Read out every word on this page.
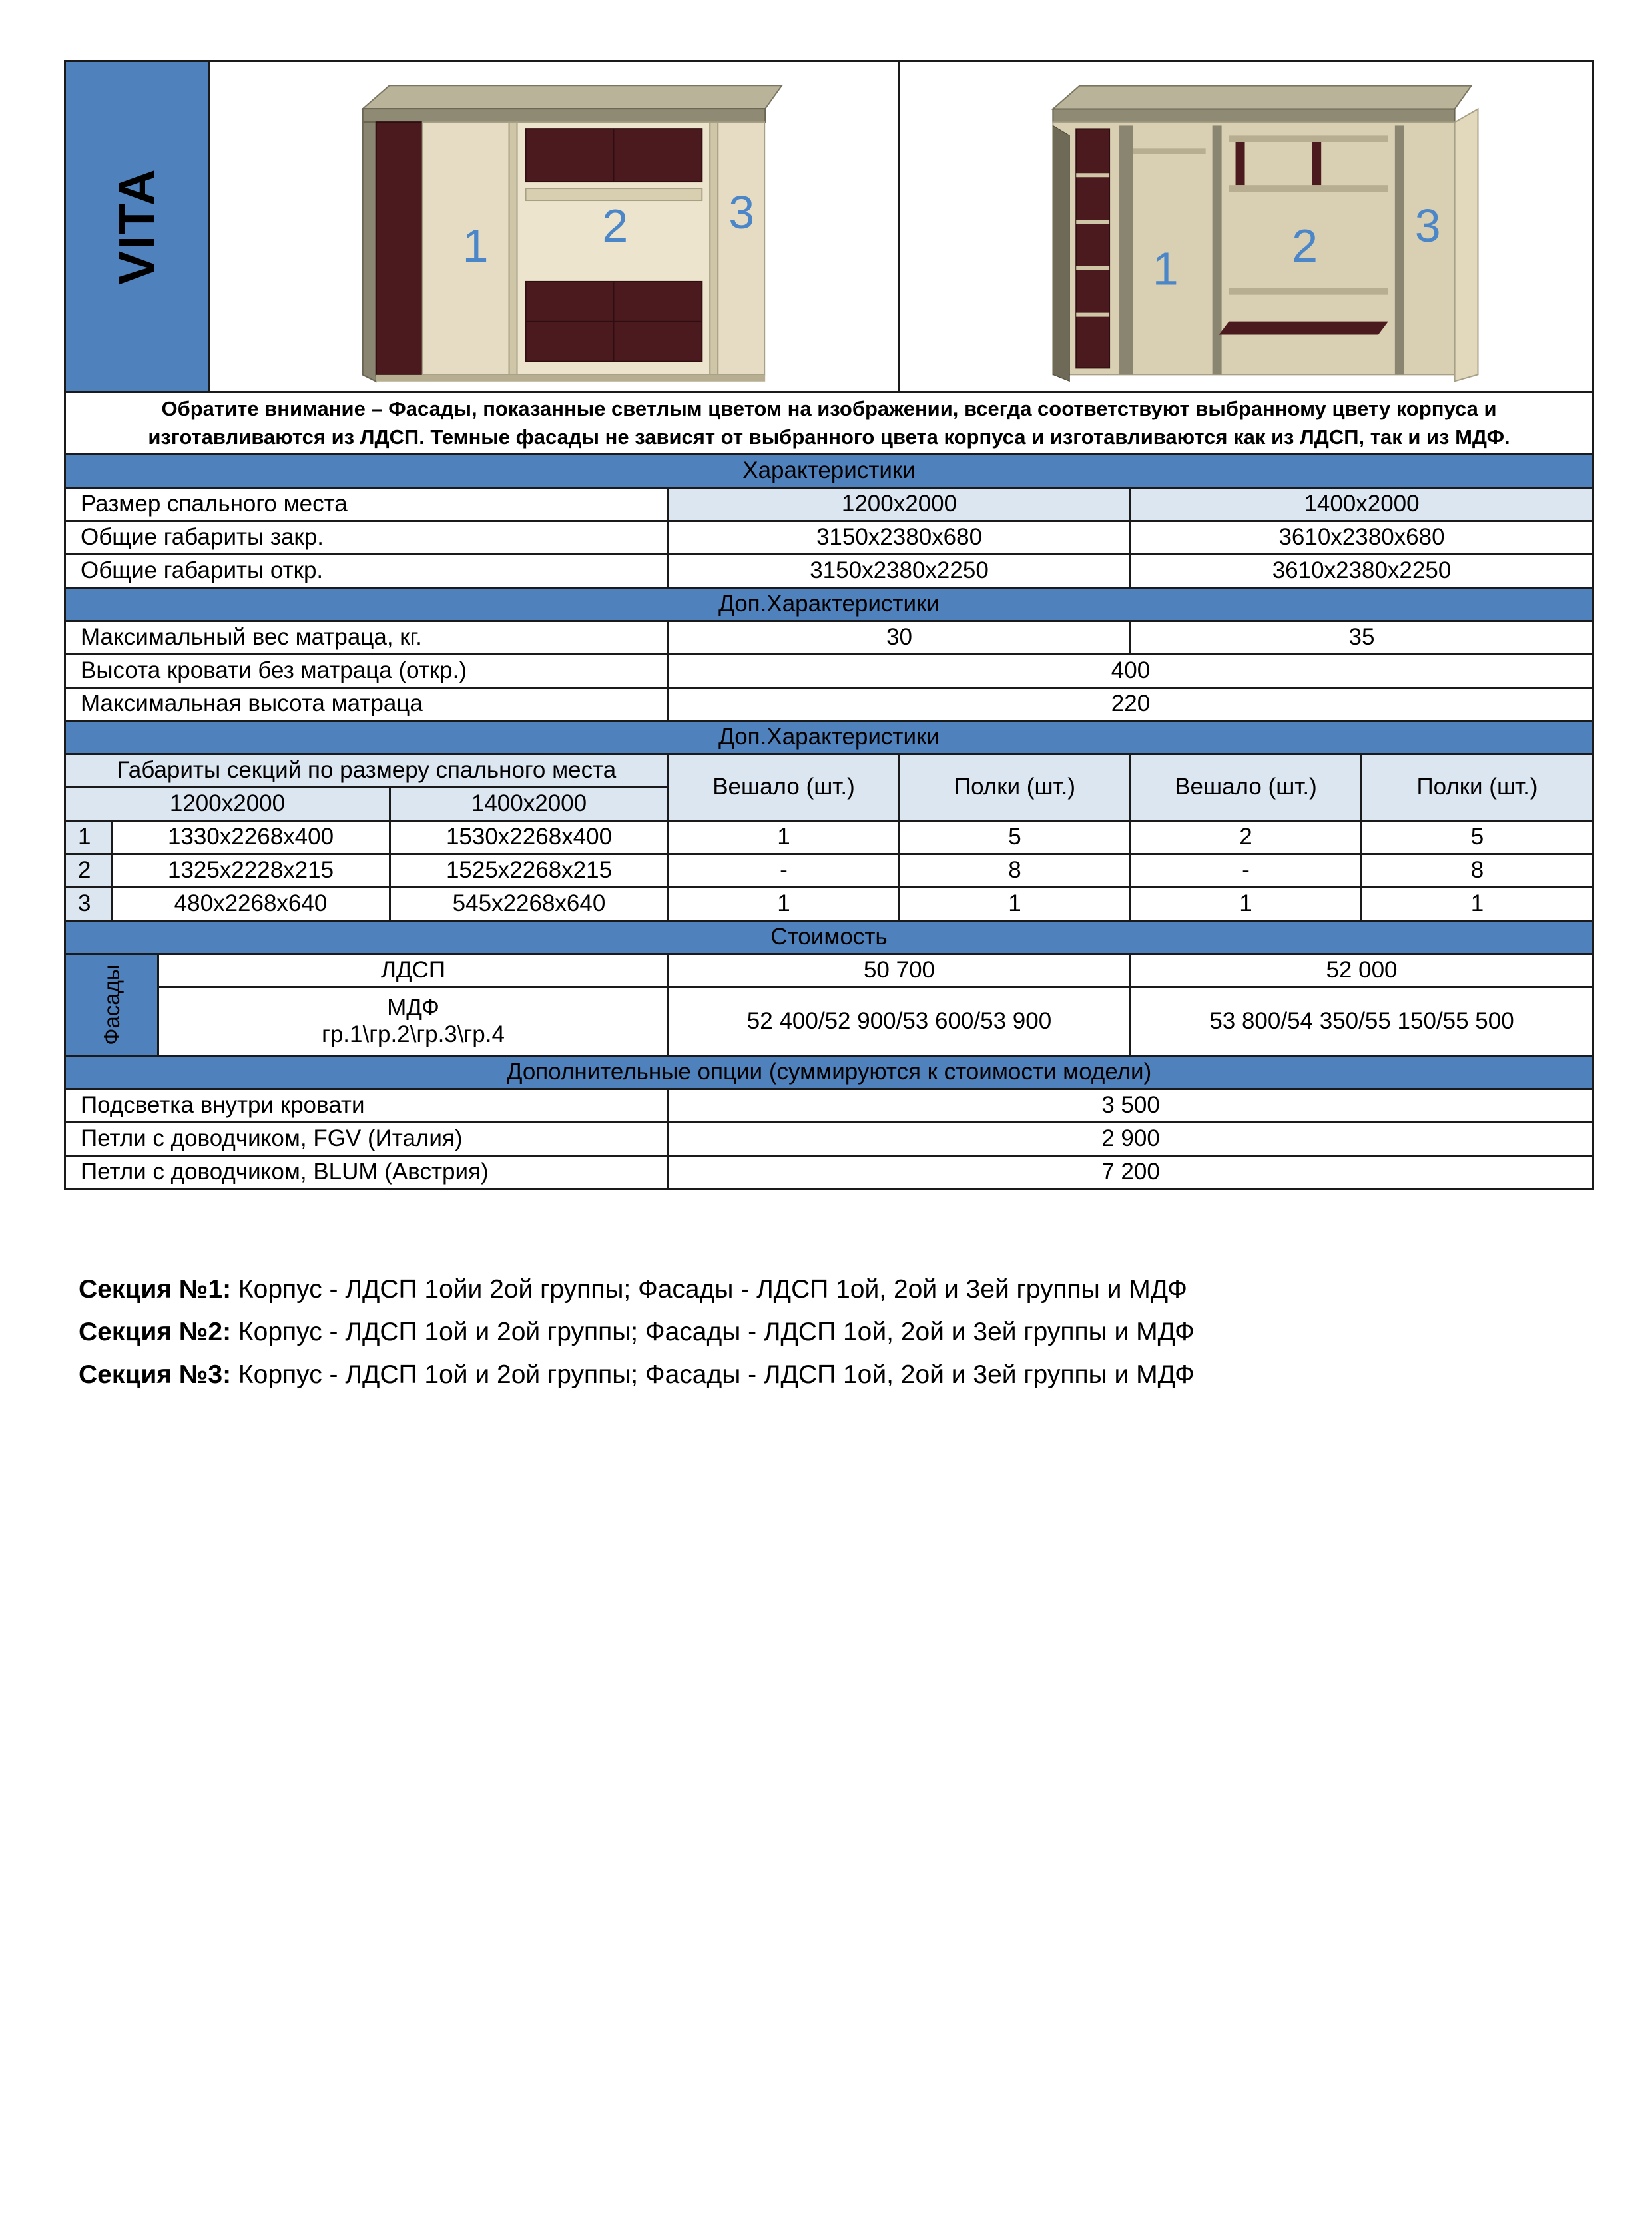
VITA			1 2 3			1 2 3		

Обратите внимание – Фасады, показанные светлым цветом на изображении, всегда соответствуют выбранному цвету корпуса и
изготавливаются из ЛДСП. Темные фасады не зависят от выбранного цвета корпуса и изготавливаются как из ЛДСП, так и из МДФ.								
Характеристики								
Размер спального места					1200х2000		1400х2000	
Общие габариты закр.					3150х2380х680		3610х2380х680	
Общие габариты откр.					3150х2380х2250		3610х2380х2250	
Доп.Характеристики								
Максимальный вес матраца, кг.					30		35	
Высота кровати без матраца (откр.)					400			
Максимальная высота матраца					220			
Доп.Характеристики								
Габариты секций по размеру спального места					Вешало (шт.)	Полки (шт.)	Вешало (шт.)	Полки (шт.)
1200х2000				1400х2000				
1	1330х2268х400			1530х2268х400	1	5	2	5
2	1325х2228х215			1525х2268х215	-	8	-	8
3	480х2268х640			545х2268х640	1	1	1	1
Стоимость								

Фасады		ЛДСП			50 700		52 000	
		МДФ
гр.1\гр.2\гр.3\гр.4			52 400/52 900/53 600/53 900		53 800/54 350/55 150/55 500	
Дополнительные опции (суммируются к стоимости модели)								
Подсветка внутри кровати					3 500			
Петли с доводчиком, FGV (Италия)					2 900			
Петли с доводчиком, BLUM (Австрия)					7 200			
Секция №1: Корпус - ЛДСП 1ойи 2ой группы; Фасады - ЛДСП 1ой, 2ой и 3ей группы и МДФ
Секция №2: Корпус - ЛДСП 1ой и 2ой группы; Фасады - ЛДСП 1ой, 2ой и 3ей группы и МДФ
Секция №3: Корпус - ЛДСП 1ой и 2ой группы; Фасады - ЛДСП 1ой, 2ой и 3ей группы и МДФ
